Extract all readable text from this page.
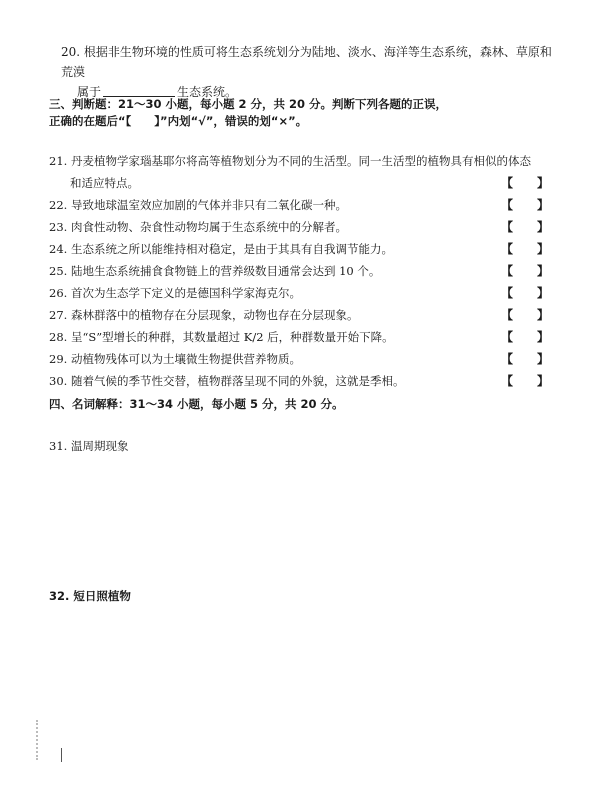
20. 根据非生物环境的性质可将生态系统划分为陆地、淡水、海洋等生态系统，森林、草原和荒漠
属于	生态系统。
三、判断题：21～30 小题，每小题 2 分，共 20 分。判断下列各题的正误，
正确的在题后“【　　】”内划“√”，错误的划“×”。
21. 丹麦植物学家瑙基耶尔将高等植物划分为不同的生活型。同一生活型的植物具有相似的体态
和适应特点。	【 】
22. 导致地球温室效应加剧的气体并非只有二氧化碳一种。	【 】
23. 肉食性动物、杂食性动物均属于生态系统中的分解者。	【 】
24. 生态系统之所以能维持相对稳定，是由于其具有自我调节能力。	【 】
25. 陆地生态系统捕食食物链上的营养级数目通常会达到 10 个。	【 】
26. 首次为生态学下定义的是德国科学家海克尔。	【 】
27. 森林群落中的植物存在分层现象，动物也存在分层现象。	【 】
28. 呈“S”型增长的种群，其数量超过 K/2 后，种群数量开始下降。	【 】
29. 动植物残体可以为土壤微生物提供营养物质。	【 】
30. 随着气候的季节性交替，植物群落呈现不同的外貌，这就是季相。	【 】
四、名词解释：31～34 小题，每小题 5 分，共 20 分。
31. 温周期现象
32. 短日照植物
